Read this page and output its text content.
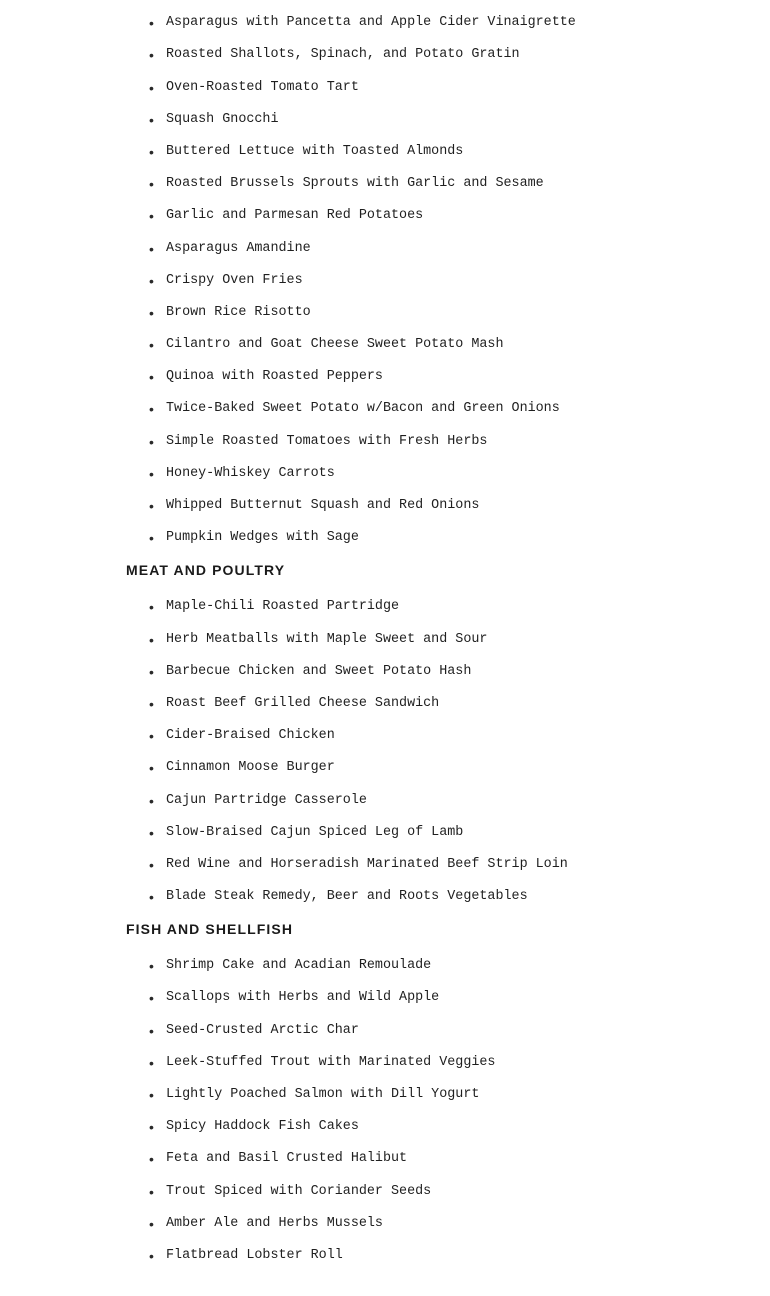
• Asparagus with Pancetta and Apple Cider Vinaigrette
• Roasted Shallots, Spinach, and Potato Gratin
• Oven-Roasted Tomato Tart
• Squash Gnocchi
• Buttered Lettuce with Toasted Almonds
• Roasted Brussels Sprouts with Garlic and Sesame
• Garlic and Parmesan Red Potatoes
• Asparagus Amandine
• Crispy Oven Fries
• Brown Rice Risotto
• Cilantro and Goat Cheese Sweet Potato Mash
• Quinoa with Roasted Peppers
• Twice-Baked Sweet Potato w/Bacon and Green Onions
• Simple Roasted Tomatoes with Fresh Herbs
• Honey-Whiskey Carrots
• Whipped Butternut Squash and Red Onions
• Pumpkin Wedges with Sage
MEAT AND POULTRY
• Maple-Chili Roasted Partridge
• Herb Meatballs with Maple Sweet and Sour
• Barbecue Chicken and Sweet Potato Hash
• Roast Beef Grilled Cheese Sandwich
• Cider-Braised Chicken
• Cinnamon Moose Burger
• Cajun Partridge Casserole
• Slow-Braised Cajun Spiced Leg of Lamb
• Red Wine and Horseradish Marinated Beef Strip Loin
• Blade Steak Remedy, Beer and Roots Vegetables
FISH AND SHELLFISH
• Shrimp Cake and Acadian Remoulade
• Scallops with Herbs and Wild Apple
• Seed-Crusted Arctic Char
• Leek-Stuffed Trout with Marinated Veggies
• Lightly Poached Salmon with Dill Yogurt
• Spicy Haddock Fish Cakes
• Feta and Basil Crusted Halibut
• Trout Spiced with Coriander Seeds
• Amber Ale and Herbs Mussels
• Flatbread Lobster Roll
